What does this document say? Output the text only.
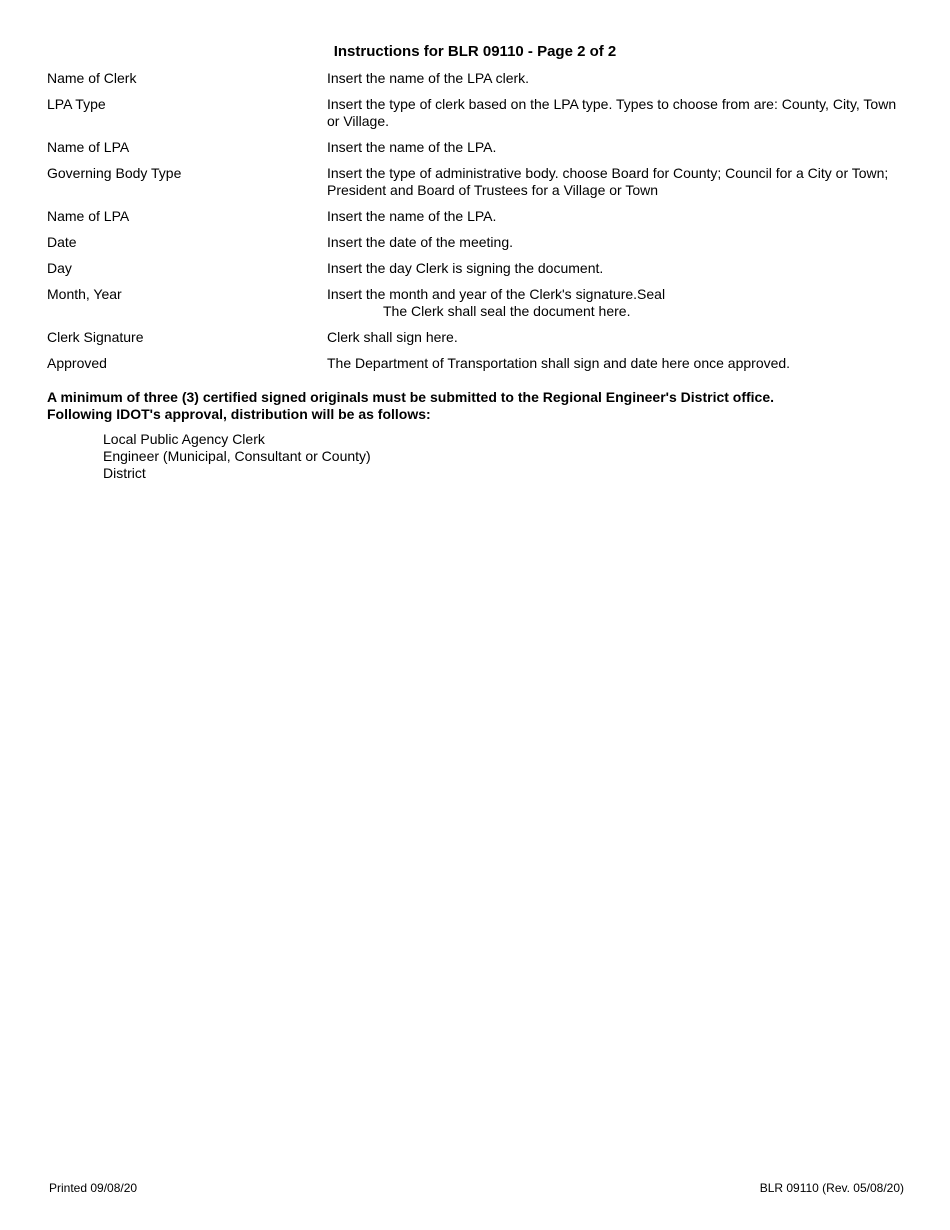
Instructions for BLR 09110 - Page 2 of 2
Name of Clerk	Insert the name of the LPA clerk.
LPA Type	Insert the type of clerk based on the LPA type. Types to choose from are: County, City, Town or Village.
Name of LPA	Insert the name of the LPA.
Governing Body Type	Insert the type of administrative body. choose Board for County; Council for a City or Town; President and Board of Trustees for a Village or Town
Name of LPA	Insert the name of the LPA.
Date	Insert the date of the meeting.
Day	Insert the day Clerk is signing the document.
Month, Year	Insert the month and year of the Clerk's signature.Seal
The Clerk shall seal the document here.
Clerk Signature	Clerk shall sign here.
Approved	The Department of Transportation shall sign and date here once approved.
A minimum of three (3) certified signed originals must be submitted to the Regional Engineer's District office.
Following IDOT's approval, distribution will be as follows:
Local Public Agency Clerk
Engineer (Municipal, Consultant or County)
District
Printed 09/08/20	BLR 09110 (Rev. 05/08/20)
